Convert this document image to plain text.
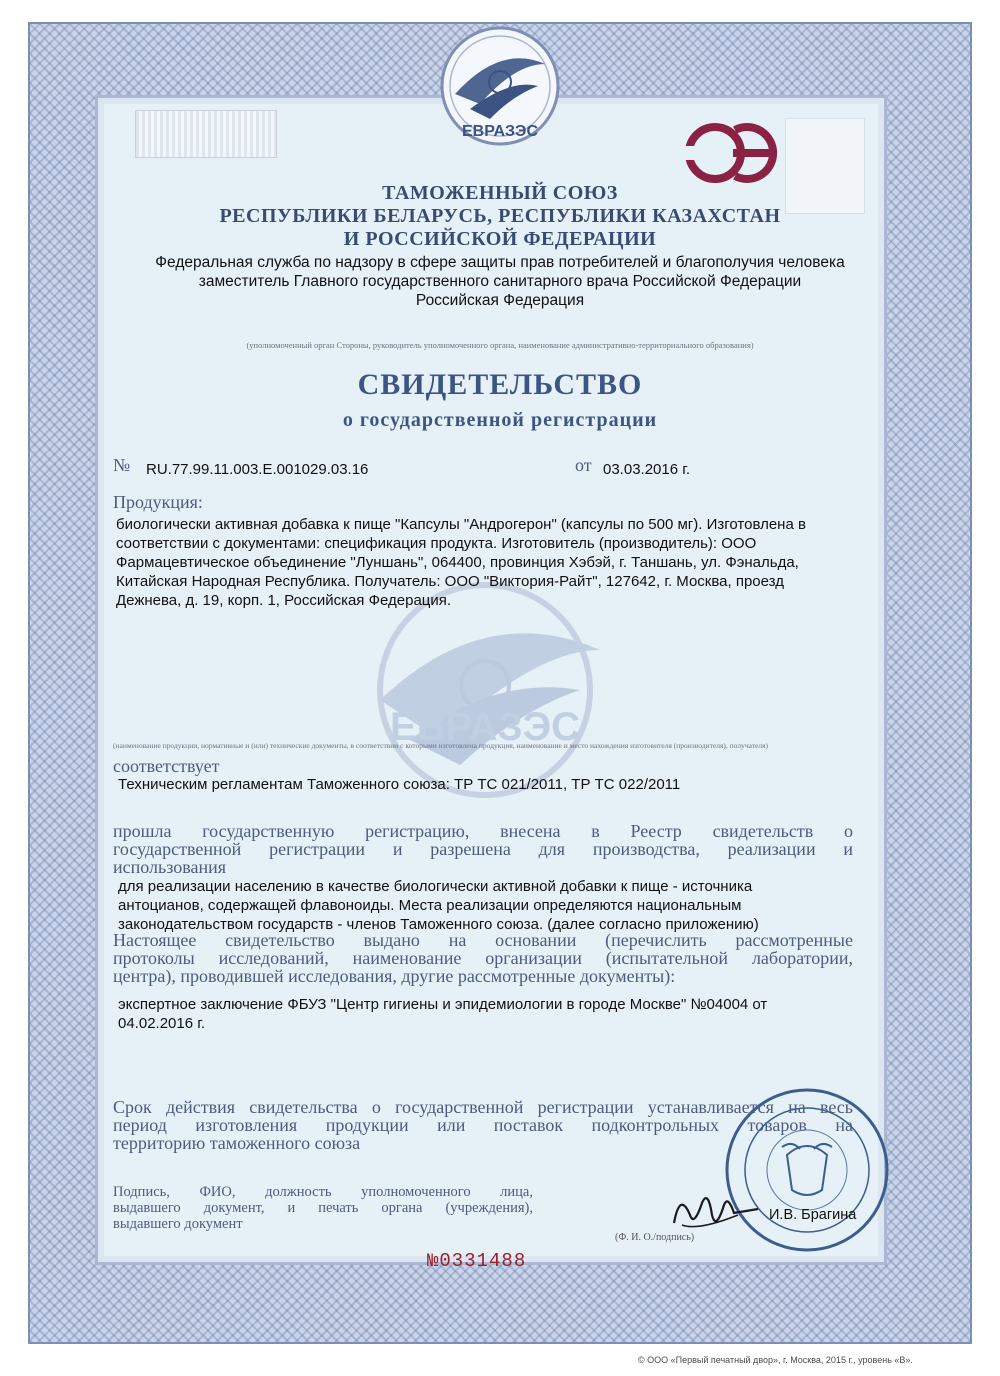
ЕВРАЗЭС
ТАМОЖЕННЫЙ СОЮЗ
РЕСПУБЛИКИ БЕЛАРУСЬ, РЕСПУБЛИКИ КАЗАХСТАН
И РОССИЙСКОЙ ФЕДЕРАЦИИ
Федеральная служба по надзору в сфере защиты прав потребителей и благополучия человека
заместитель Главного государственного санитарного врача Российской Федерации
Российская Федерация
(уполномоченный орган Стороны, руководитель уполномоченного органа, наименование административно-территориального образования)
СВИДЕТЕЛЬСТВО
о государственной регистрации
№ RU.77.99.11.003.Е.001029.03.16	от 03.03.2016 г.
ЕВРАЗЭС
Продукция:
биологически активная добавка к пище "Капсулы "Андрогерон" (капсулы по 500 мг). Изготовлена в
соответствии с документами: спецификация продукта. Изготовитель (производитель): ООО
Фармацевтическое объединение "Луншань", 064400, провинция Хэбэй, г. Таншань, ул. Фэнальда,
Китайская Народная Республика. Получатель: ООО "Виктория-Райт", 127642, г. Москва, проезд
Дежнева, д. 19, корп. 1, Российская Федерация.
(наименование продукции, нормативные и (или) технические документы, в соответствии с которыми изготовлена продукция, наименование и место нахождения изготовителя (производителя), получателя)
соответствует
Техническим регламентам Таможенного союза: ТР ТС 021/2011, ТР ТС 022/2011
прошла государственную регистрацию, внесена в Реестр свидетельств о
государственной регистрации и разрешена для производства, реализации и
использования
для реализации населению в качестве биологически активной добавки к пище - источника
антоцианов, содержащей флавоноиды. Места реализации определяются национальным
законодательством государств - членов Таможенного союза. (далее согласно приложению)
Настоящее свидетельство выдано на основании (перечислить рассмотренные
протоколы исследований, наименование организации (испытательной лаборатории,
центра), проводившей исследования, другие рассмотренные документы):
экспертное заключение ФБУЗ "Центр гигиены и эпидемиологии в городе Москве" №04004 от
04.02.2016 г.
Срок действия свидетельства о государственной регистрации устанавливается на весь
период изготовления продукции или поставок подконтрольных товаров на
территорию таможенного союза
Подпись, ФИО, должность уполномоченного лица,
выдавшего документ, и печать органа (учреждения),
выдавшего документ
И.В. Брагина
(Ф. И. О./подпись)
№0331488
© ООО «Первый печатный двор», г. Москва, 2015 г., уровень «В».
